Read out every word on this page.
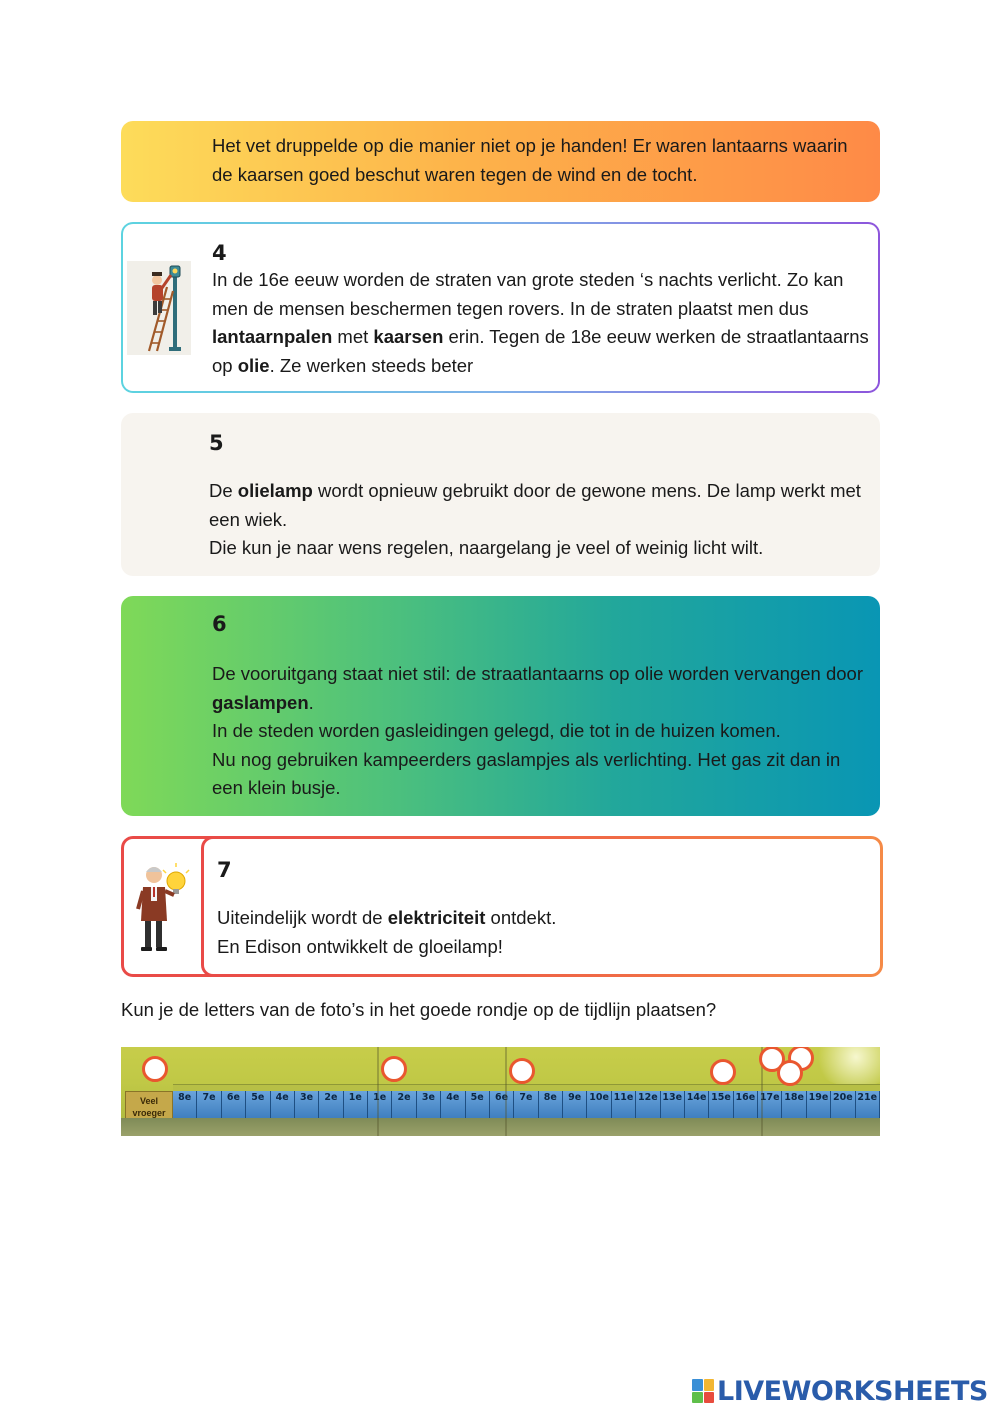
Het vet druppelde op die manier niet op je handen! Er waren lantaarns waarin de kaarsen goed beschut waren tegen de wind en de tocht.

4

In de 16e eeuw worden de straten van grote steden ‘s nachts verlicht. Zo kan men de mensen beschermen tegen rovers. In de straten plaatst men dus lantaarnpalen met kaarsen erin. Tegen de 18e eeuw werken de straatlantaarns op olie. Ze werken steeds beter

5

De olielamp wordt opnieuw gebruikt door de gewone mens. De lamp werkt met een wiek.
Die kun je naar wens regelen, naargelang je veel of weinig licht wilt.

6

De vooruitgang staat niet stil: de straatlantaarns op olie worden vervangen door gaslampen.
In de steden worden gasleidingen gelegd, die tot in de huizen komen.
Nu nog gebruiken kampeerders gaslampjes als verlichting. Het gas zit dan in een klein busje.

7

Uiteindelijk wordt de elektriciteit ontdekt.
En Edison ontwikkelt de gloeilamp!

Kun je de letters van de foto’s in het goede rondje op de tijdlijn plaatsen?

Veel
vroeger
8e	7e	6e	5e	4e	3e	2e	1e	1e	2e	3e	4e	5e	6e	7e	8e	9e 10e 11e 12e 13e 14e 15e 16e 17e 18e 19e 20e 21e
LIVEWORKSHEETS
